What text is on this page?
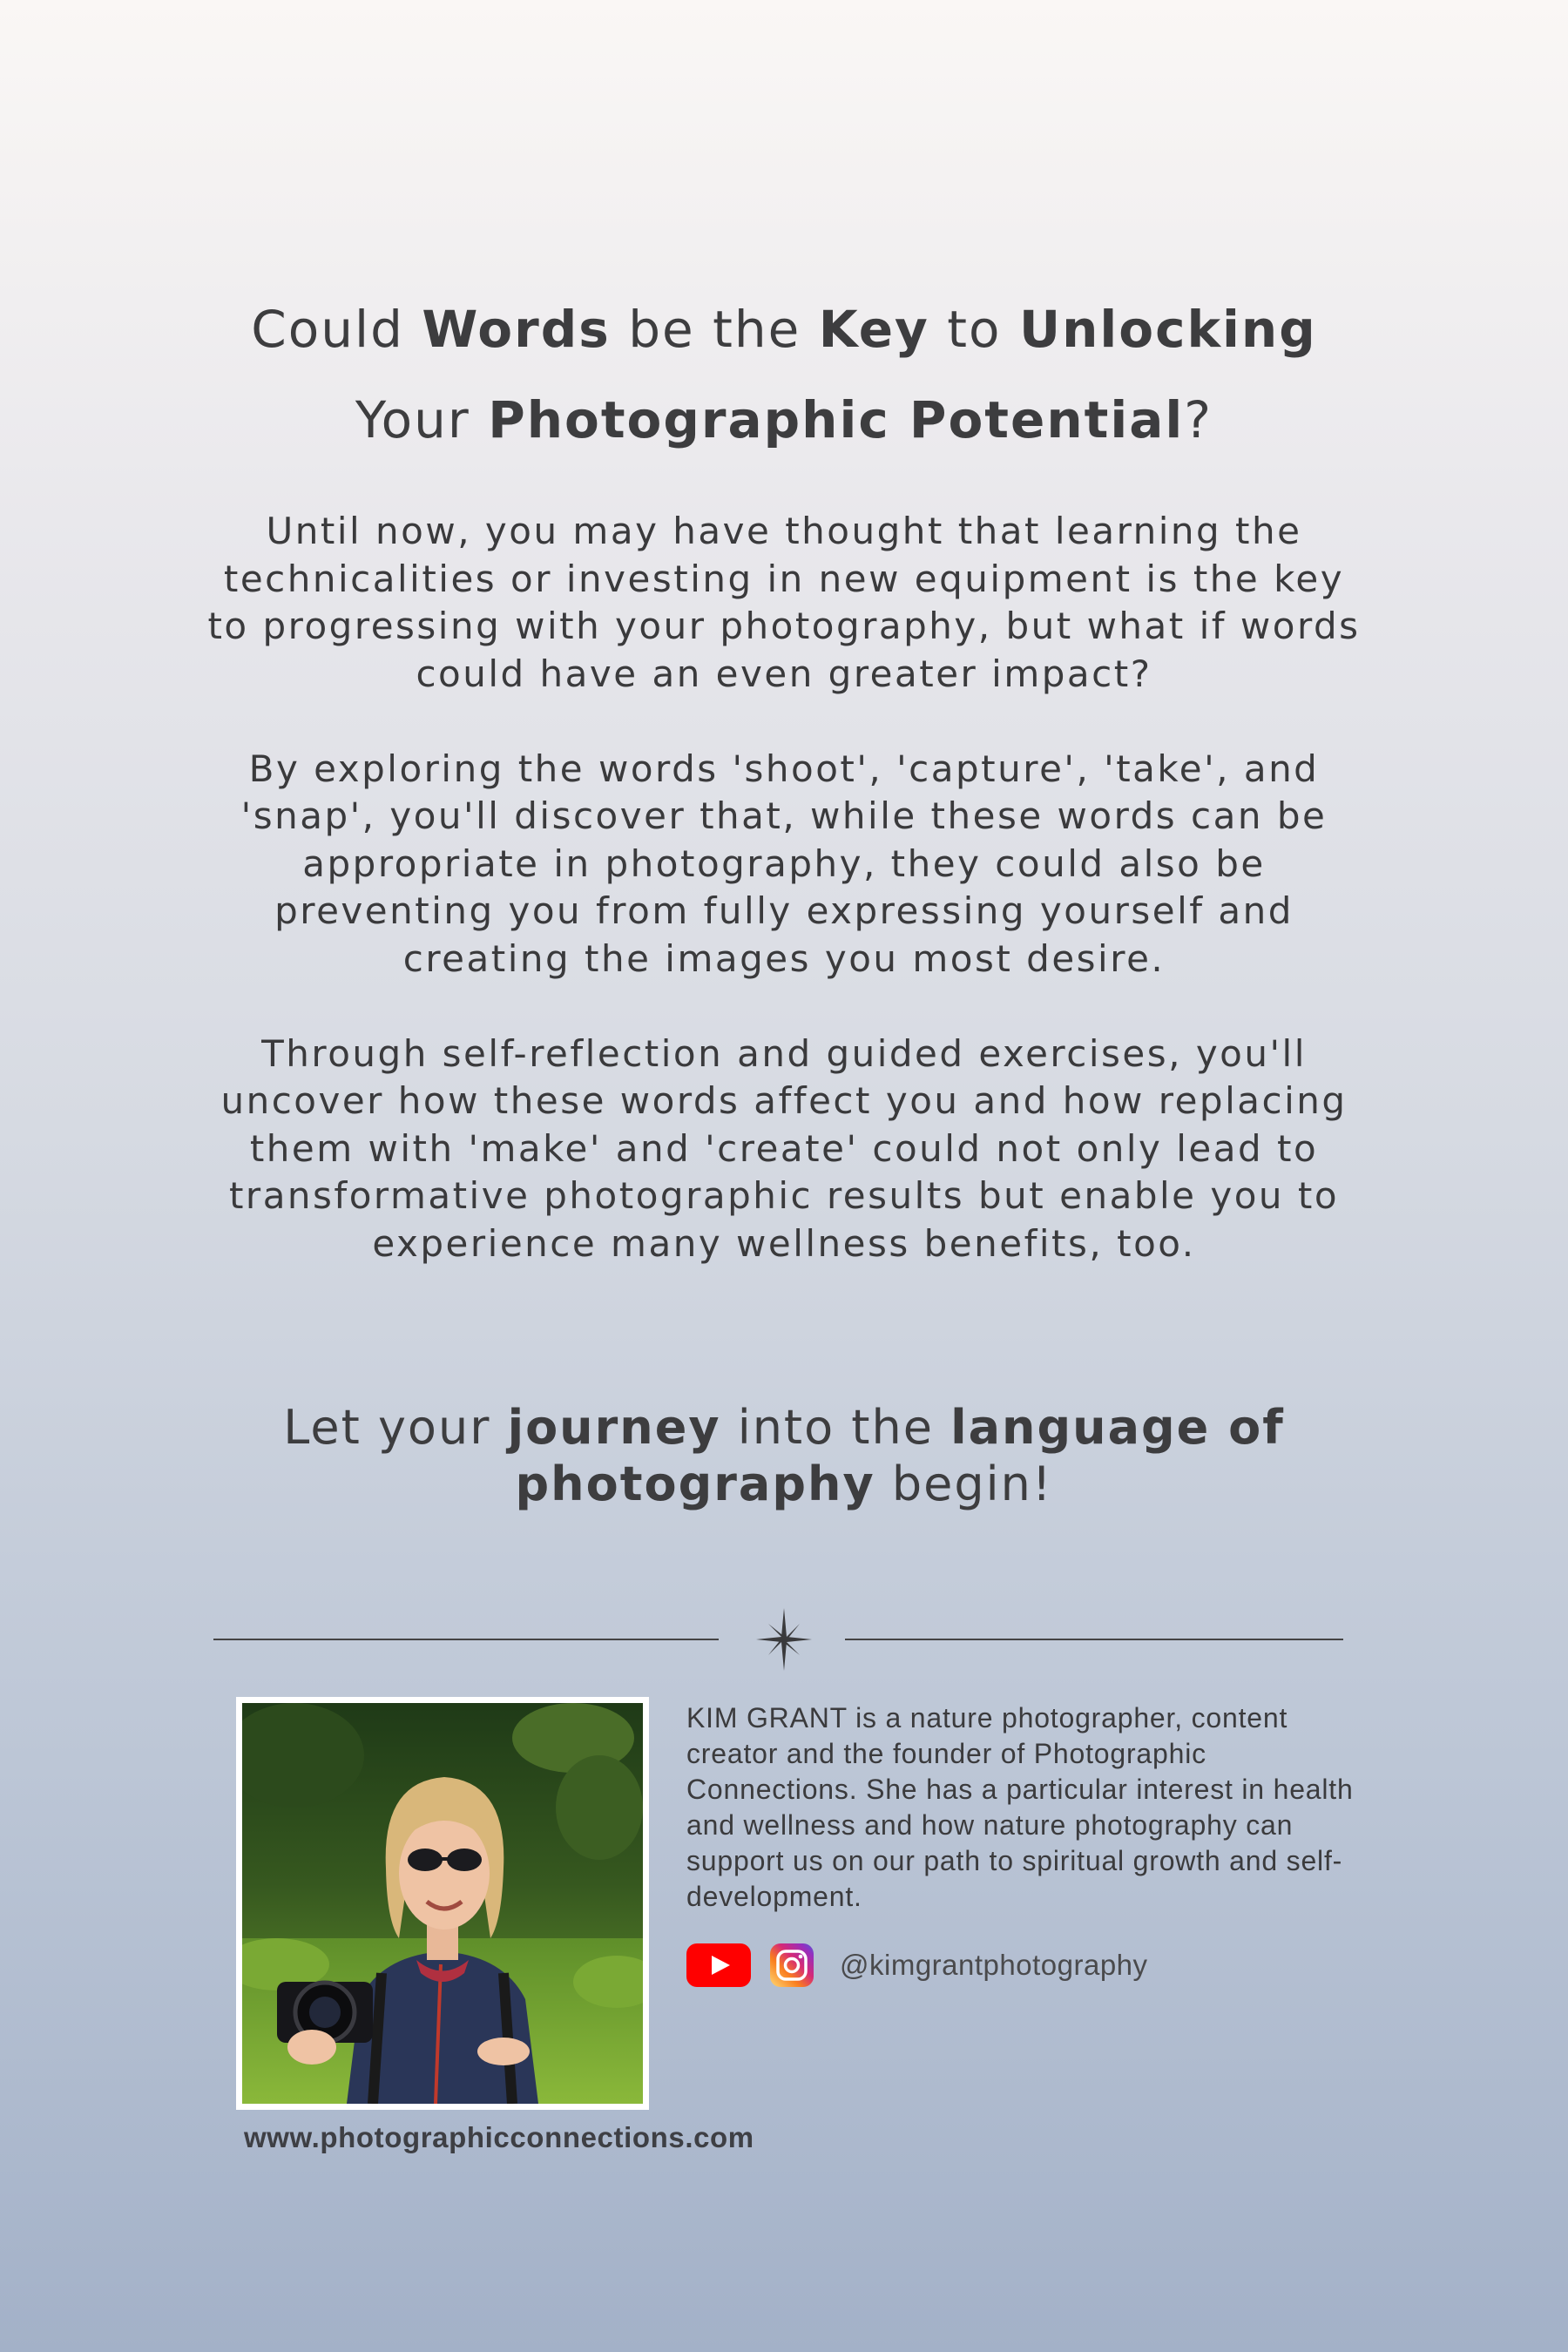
Could Words be the Key to Unlocking
Your Photographic Potential?

Until now, you may have thought that learning the technicalities or investing in new equipment is the key to progressing with your photography, but what if words could have an even greater impact?

By exploring the words 'shoot', 'capture', 'take', and 'snap', you'll discover that, while these words can be appropriate in photography, they could also be preventing you from fully expressing yourself and creating the images you most desire.

Through self-reflection and guided exercises, you'll uncover how these words affect you and how replacing them with 'make' and 'create' could not only lead to transformative photographic results but enable you to experience many wellness benefits, too.

Let your journey into the language of photography begin!

KIM GRANT is a nature photographer, content creator and the founder of Photographic Connections. She has a particular interest in health and wellness and how nature photography can support us on our path to spiritual growth and self-development.

@kimgrantphotography
www.photographicconnections.com
